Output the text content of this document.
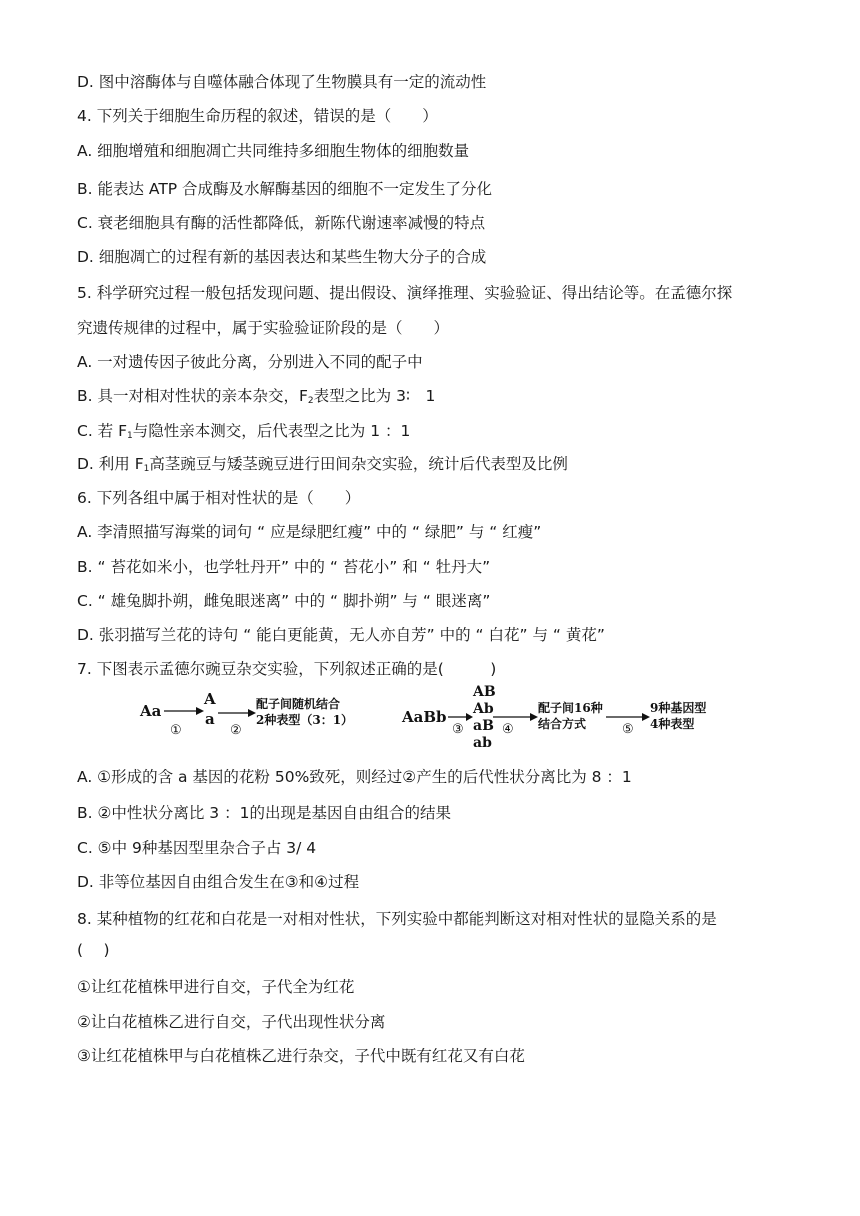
D. 图中溶酶体与自噬体融合体现了生物膜具有一定的流动性
4. 下列关于细胞生命历程的叙述，错误的是（　　）
A. 细胞增殖和细胞凋亡共同维持多细胞生物体的细胞数量
B. 能表达 ATP 合成酶及水解酶基因的细胞不一定发生了分化
C. 衰老细胞具有酶的活性都降低，新陈代谢速率减慢的特点
D. 细胞凋亡的过程有新的基因表达和某些生物大分子的合成
5. 科学研究过程一般包括发现问题、提出假设、演绎推理、实验验证、得出结论等。在孟德尔探
究遗传规律的过程中，属于实验验证阶段的是（　　）
A. 一对遗传因子彼此分离，分别进入不同的配子中
B. 具一对相对性状的亲本杂交，$F_2$表型之比为 3∶　1
C. 若 $F_1$与隐性亲本测交，后代表型之比为 1 ：1
D. 利用 $F_1$高茎豌豆与矮茎豌豆进行田间杂交实验，统计后代表型及比例
6. 下列各组中属于相对性状的是（　　）
A. 李清照描写海棠的词句 “ 应是绿肥红瘦” 中的 “ 绿肥” 与 “ 红瘦”
B. “ 苔花如米小，也学牡丹开” 中的 “ 苔花小” 和 “ 牡丹大”
C. “ 雄兔脚扑朔，雌兔眼迷离” 中的 “ 脚扑朔” 与 “ 眼迷离”
D. 张羽描写兰花的诗句 “ 能白更能黄，无人亦自芳” 中的 “ 白花” 与 “ 黄花”
7. 下图表示孟德尔豌豆杂交实验，下列叙述正确的是(　　　)
Aa
①
A
a
②
配子间随机结合
2种表型（3：1）	AaBb
AB
Ab
aB
ab
③	④
配子间16种
结合方式	⑤
9种基因型
4种表型
A. ①形成的含 a 基因的花粉 50%致死，则经过②产生的后代性状分离比为 8 ：1
B. ②中性状分离比 3 ：1的出现是基因自由组合的结果
C. ⑤中 9种基因型里杂合子占 3/ 4
D. 非等位基因自由组合发生在③和④过程
8. 某种植物的红花和白花是一对相对性状，下列实验中都能判断这对相对性状的显隐关系的是
(　 )
①让红花植株甲进行自交，子代全为红花
②让白花植株乙进行自交，子代出现性状分离
③让红花植株甲与白花植株乙进行杂交，子代中既有红花又有白花
